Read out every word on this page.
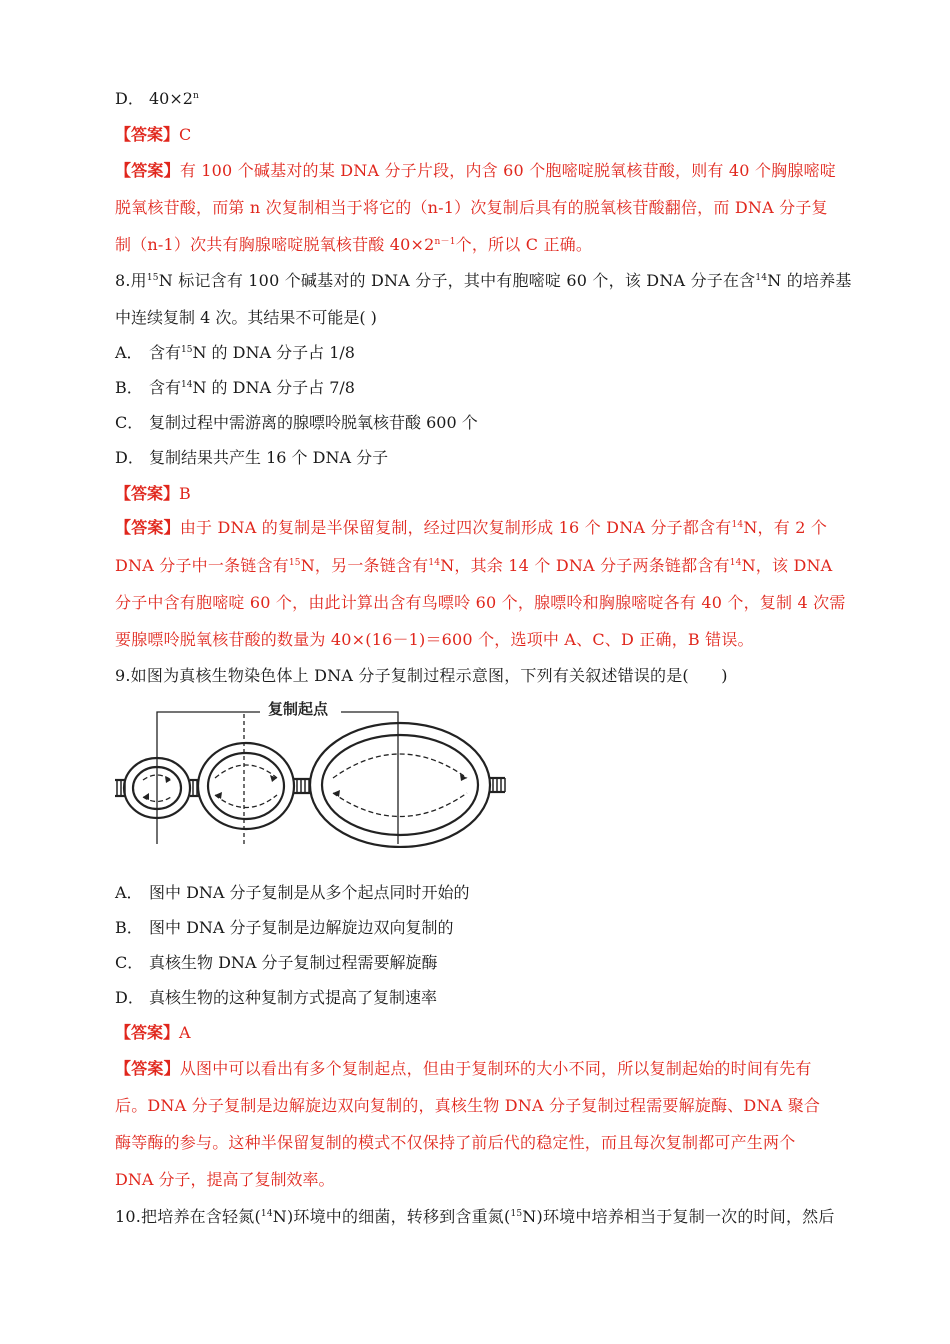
D． $40\times 2^n$
【答案】C
【答案】有 100 个碱基对的某 DNA 分子片段，内含 60 个胞嘧啶脱氧核苷酸，则有 40 个胸腺嘧啶
脱氧核苷酸，而第 n 次复制相当于将它的（n-1）次复制后具有的脱氧核苷酸翻倍，而 DNA 分子复
制（n-1）次共有胸腺嘧啶脱氧核苷酸 $40\times 2^{n-1}$个，所以 C 正确。
8.用$^{15}$N 标记含有 100 个碱基对的 DNA 分子，其中有胞嘧啶 60 个，该 DNA 分子在含$^{14}$N 的培养基
中连续复制 4 次。其结果不可能是( )
A． 含有$^{15}$N 的 DNA 分子占 1/8
B． 含有$^{14}$N 的 DNA 分子占 7/8
C． 复制过程中需游离的腺嘌呤脱氧核苷酸 600 个
D． 复制结果共产生 16 个 DNA 分子
【答案】B
【答案】由于 DNA 的复制是半保留复制，经过四次复制形成 16 个 DNA 分子都含有$^{14}$N，有 2 个
DNA 分子中一条链含有$^{15}$N，另一条链含有$^{14}$N，其余 14 个 DNA 分子两条链都含有$^{14}$N，该 DNA
分子中含有胞嘧啶 60 个，由此计算出含有鸟嘌呤 60 个，腺嘌呤和胸腺嘧啶各有 40 个，复制 4 次需
要腺嘌呤脱氧核苷酸的数量为 40×(16－1)＝600 个，选项中 A、C、D 正确，B 错误。
9.如图为真核生物染色体上 DNA 分子复制过程示意图，下列有关叙述错误的是(　　)
复制起点
A． 图中 DNA 分子复制是从多个起点同时开始的
B． 图中 DNA 分子复制是边解旋边双向复制的
C． 真核生物 DNA 分子复制过程需要解旋酶
D． 真核生物的这种复制方式提高了复制速率
【答案】A
【答案】从图中可以看出有多个复制起点，但由于复制环的大小不同，所以复制起始的时间有先有
后。DNA 分子复制是边解旋边双向复制的，真核生物 DNA 分子复制过程需要解旋酶、DNA 聚合
酶等酶的参与。这种半保留复制的模式不仅保持了前后代的稳定性，而且每次复制都可产生两个
DNA 分子，提高了复制效率。
10.把培养在含轻氮($^{14}$N)环境中的细菌，转移到含重氮($^{15}$N)环境中培养相当于复制一次的时间，然后
